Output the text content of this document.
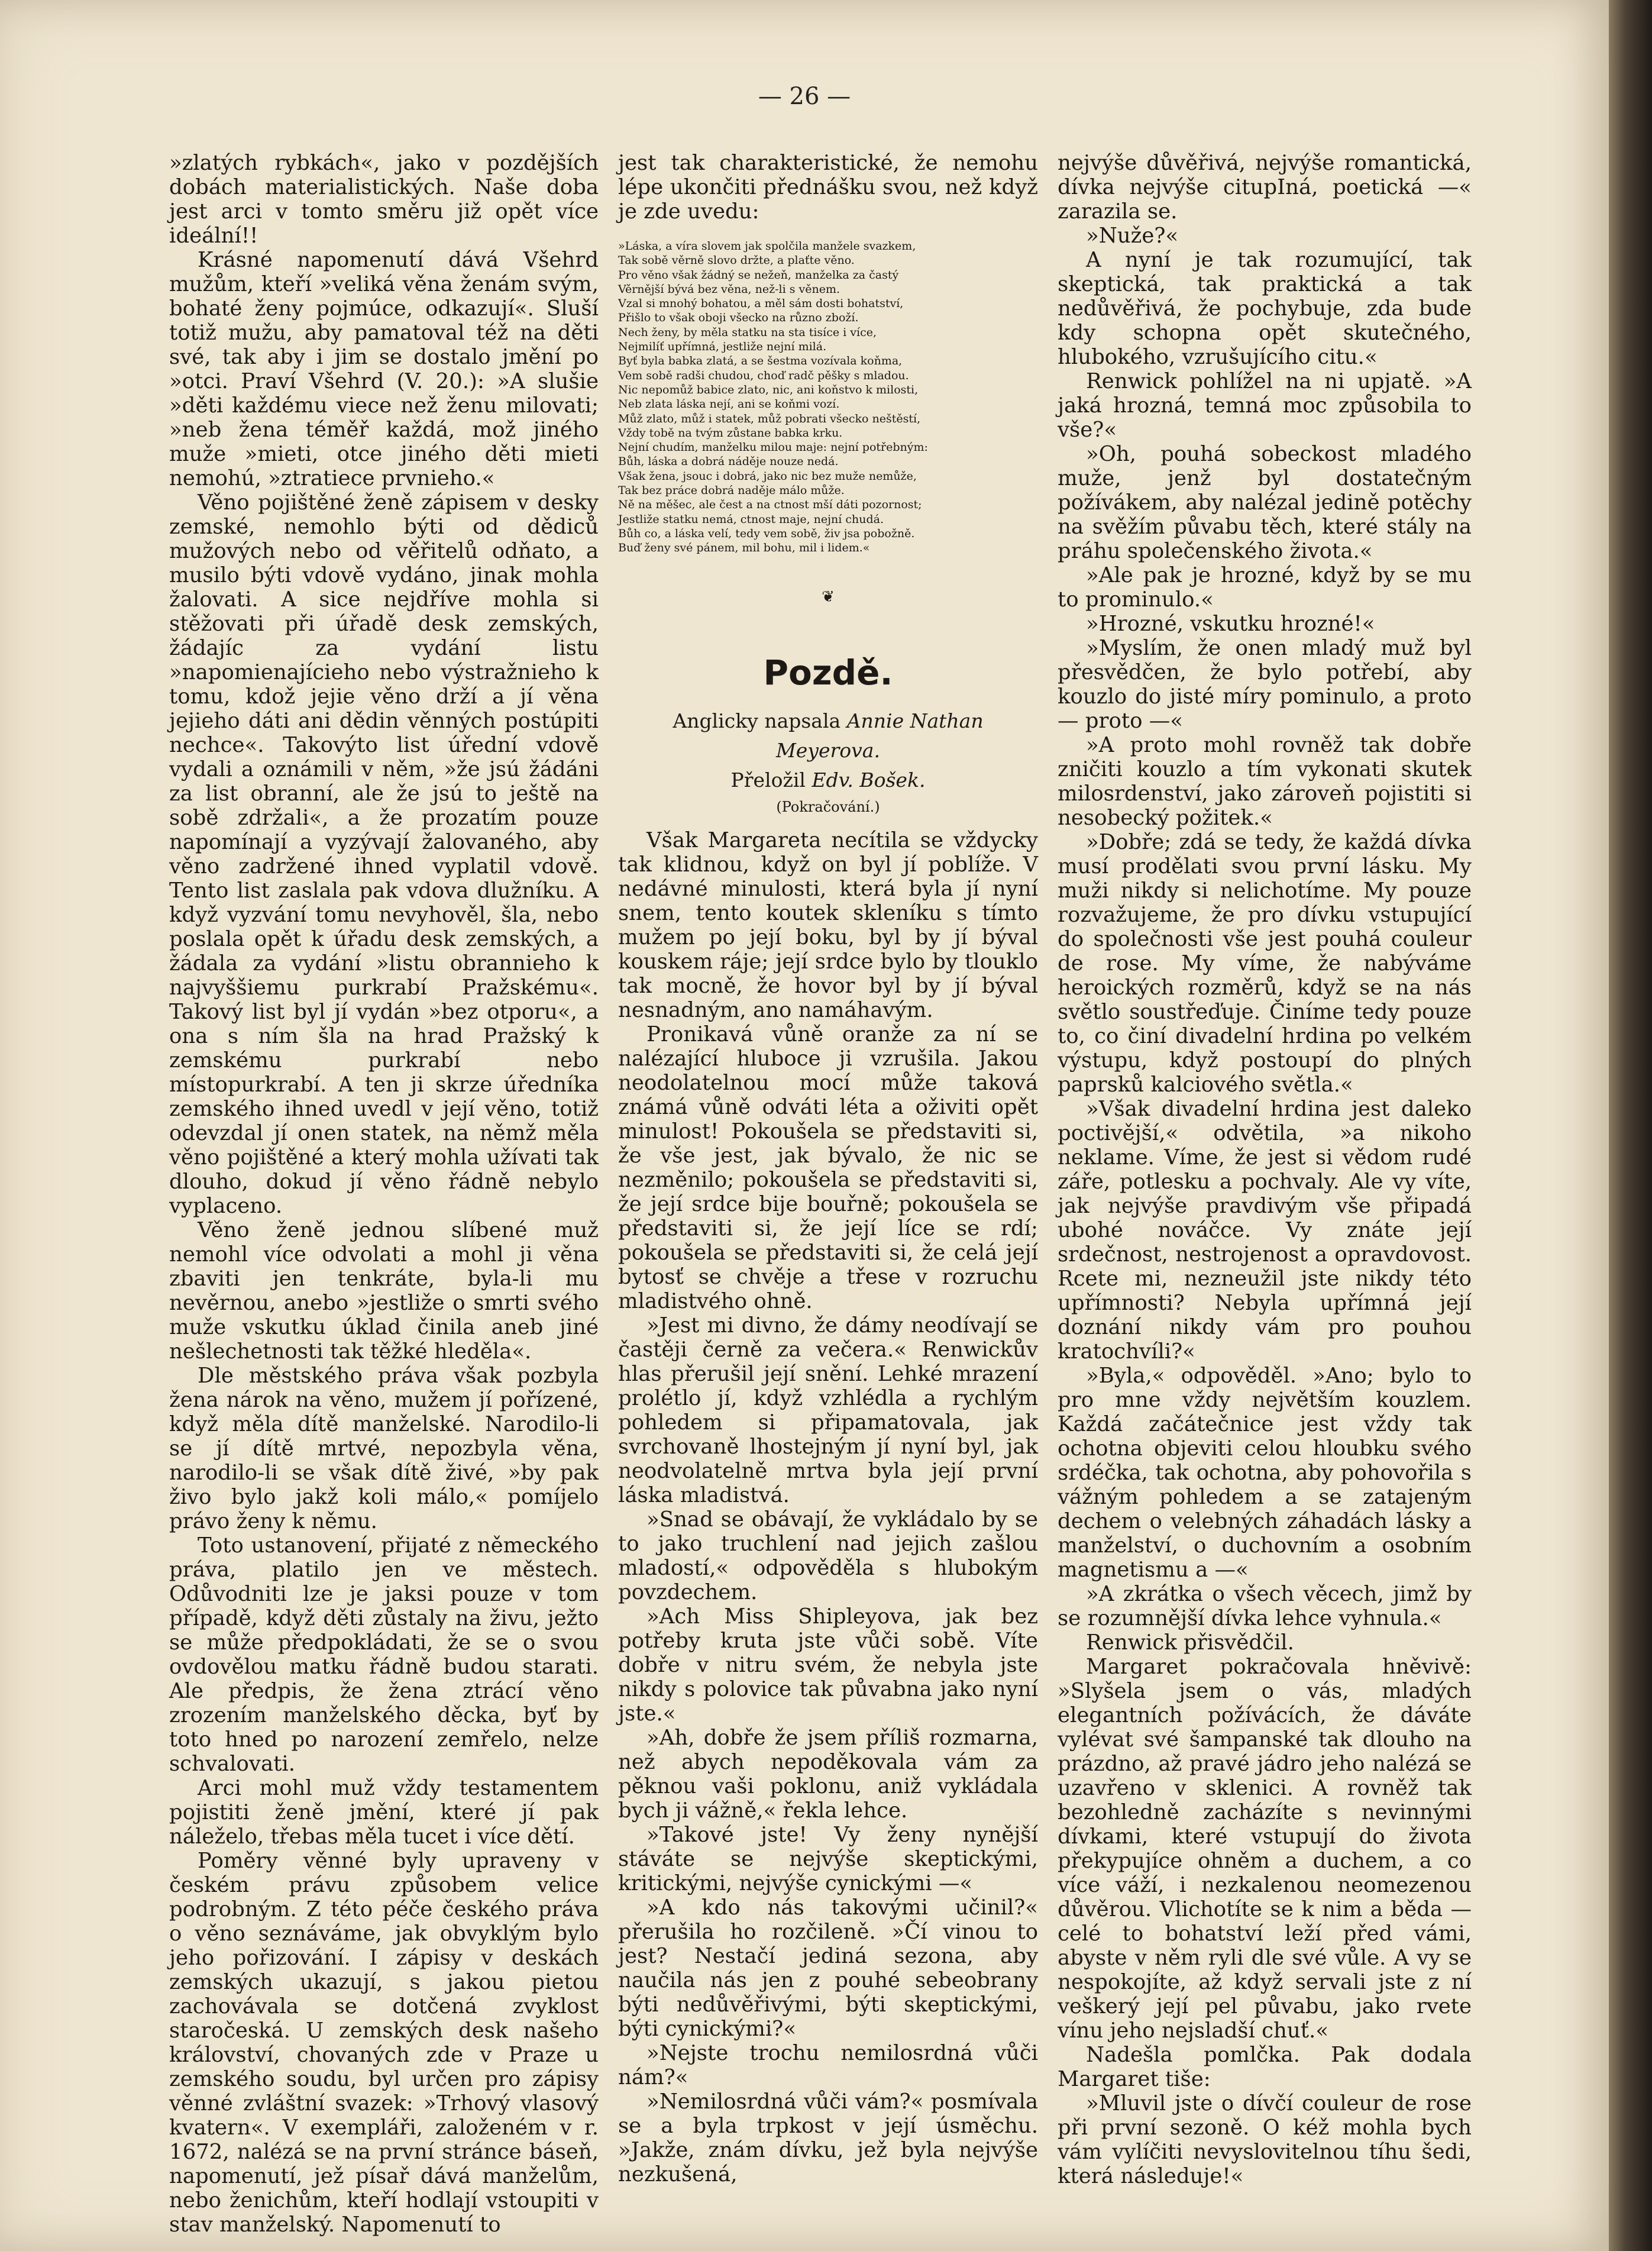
— 26 —

»zlatých rybkách«, jako v pozdějších dobách materialistických. Naše doba jest arci v tomto směru již opět více ideální!!

Krásné napomenutí dává Všehrd mužům, kteří »veliká věna ženám svým, bohaté ženy pojmúce, odkazují«. Sluší totiž mužu, aby pamatoval též na děti své, tak aby i jim se dostalo jmění po »otci. Praví Všehrd (V. 20.): »A slušie »děti každému viece než ženu milovati; »neb žena téměř každá, mož jiného muže »mieti, otce jiného děti mieti nemohú, »ztratiece prvnieho.«

Věno pojištěné ženě zápisem v desky zemské, nemohlo býti od dědiců mužových nebo od věřitelů odňato, a musilo býti vdově vydáno, jinak mohla žalovati. A sice nejdříve mohla si stěžovati při úřadě desk zemských, žádajíc za vydání listu »napomienajícieho nebo výstražnieho k tomu, kdož jejie věno drží a jí věna jejieho dáti ani dědin věnných postúpiti nechce«. Takovýto list úřední vdově vydali a oznámili v něm, »že jsú žádáni za list obranní, ale že jsú to ještě na sobě zdržali«, a že prozatím pouze napomínají a vyzývají žalovaného, aby věno zadržené ihned vyplatil vdově. Tento list zaslala pak vdova dlužníku. A když vyzvání tomu nevyhověl, šla, nebo poslala opět k úřadu desk zemských, a žádala za vydání »listu obrannieho k najvyššiemu purkrabí Pražskému«. Takový list byl jí vydán »bez otporu«, a ona s ním šla na hrad Pražský k zemskému purkrabí nebo místopurkrabí. A ten ji skrze úředníka zemského ihned uvedl v její věno, totiž odevzdal jí onen statek, na němž měla věno pojištěné a který mohla užívati tak dlouho, dokud jí věno řádně nebylo vyplaceno.

Věno ženě jednou slíbené muž nemohl více odvolati a mohl ji věna zbaviti jen tenkráte, byla-li mu nevěrnou, anebo »jestliže o smrti svého muže vskutku úklad činila aneb jiné nešlechetnosti tak těžké hleděla«.

Dle městského práva však pozbyla žena nárok na věno, mužem jí pořízené, když měla dítě manželské. Narodilo-li se jí dítě mrtvé, nepozbyla věna, narodilo-li se však dítě živé, »by pak živo bylo jakž koli málo,« pomíjelo právo ženy k němu.

Toto ustanovení, přijaté z německého práva, platilo jen ve městech. Odůvodniti lze je jaksi pouze v tom případě, když děti zůstaly na živu, ježto se může předpokládati, že se o svou ovdovělou matku řádně budou starati. Ale předpis, že žena ztrácí věno zrozením manželského děcka, byť by toto hned po narození zemřelo, nelze schvalovati.

Arci mohl muž vždy testamentem pojistiti ženě jmění, které jí pak náleželo, třebas měla tucet i více dětí.

Poměry věnné byly upraveny v českém právu způsobem velice podrobným. Z této péče českého práva o věno seznáváme, jak obvyklým bylo jeho pořizování. I zápisy v deskách zemských ukazují, s jakou pietou zachovávala se dotčená zvyklost staročeská. U zemských desk našeho království, chovaných zde v Praze u zemského soudu, byl určen pro zápisy věnné zvláštní svazek: »Trhový vlasový kvatern«. V exempláři, založeném v r. 1672, nalézá se na první stránce báseň, napomenutí, jež písař dává manželům, nebo ženichům, kteří hodlají vstoupiti v stav manželský. Napomenutí to

jest tak charakteristické, že nemohu lépe ukončiti přednášku svou, než když je zde uvedu:

»Láska, a víra slovem jak spolčila manžele svazkem,
Tak sobě věrně slovo držte, a plaťte věno.
Pro věno však žádný se nežeň, manželka za častý
Věrnější bývá bez věna, než-li s věnem.
Vzal si mnohý bohatou, a měl sám dosti bohatství,
Přišlo to však oboji všecko na různo zboží.
Nech ženy, by měla statku na sta tisíce i více,
Nejmilíť upřímná, jestliže nejní milá.
Byť byla babka zlatá, a se šestma vozívala koňma,
Vem sobě radši chudou, choď radč pěšky s mladou.
Nic nepomůž babice zlato, nic, ani koňstvo k milosti,
Neb zlata láska nejí, ani se koňmi vozí.
Můž zlato, můž i statek, můž pobrati všecko neštěstí,
Vždy tobě na tvým zůstane babka krku.
Nejní chudím, manželku milou maje: nejní potřebným:
Bůh, láska a dobrá náděje nouze nedá.
Však žena, jsouc i dobrá, jako nic bez muže nemůže,
Tak bez práce dobrá naděje málo může.
Ně na měšec, ale čest a na ctnost mší dáti pozornost;
Jestliže statku nemá, ctnost maje, nejní chudá.
Bůh co, a láska velí, tedy vem sobě, živ jsa pobožně.
Buď ženy své pánem, mil bohu, mil i lidem.«
❦
Pozdě.
Anglicky napsala Annie Nathan Meyerova.
Přeložil Edv. Bošek.
(Pokračování.)

Však Margareta necítila se vždycky tak klidnou, když on byl jí poblíže. V nedávné minulosti, která byla jí nyní snem, tento koutek skleníku s tímto mužem po její boku, byl by jí býval kouskem ráje; její srdce bylo by tlouklo tak mocně, že hovor byl by jí býval nesnadným, ano namáhavým.

Pronikavá vůně oranže za ní se nalézající hluboce ji vzrušila. Jakou neodolatelnou mocí může taková známá vůně odváti léta a oživiti opět minulost! Pokoušela se představiti si, že vše jest, jak bývalo, že nic se nezměnilo; pokoušela se představiti si, že její srdce bije bouřně; pokoušela se představiti si, že její líce se rdí; pokoušela se představiti si, že celá její bytosť se chvěje a třese v rozruchu mladistvého ohně.

»Jest mi divno, že dámy neodívají se častěji černě za večera.« Renwickův hlas přerušil její snění. Lehké mrazení prolétlo jí, když vzhlédla a rychlým pohledem si připamatovala, jak svrchovaně lhostejným jí nyní byl, jak neodvolatelně mrtva byla její první láska mladistvá.

»Snad se obávají, že vykládalo by se to jako truchlení nad jejich zašlou mladostí,« odpověděla s hlubokým povzdechem.

»Ach Miss Shipleyova, jak bez potřeby kruta jste vůči sobě. Víte dobře v nitru svém, že nebyla jste nikdy s polovice tak půvabna jako nyní jste.«

»Ah, dobře že jsem příliš rozmarna, než abych nepoděkovala vám za pěknou vaši poklonu, aniž vykládala bych ji vážně,« řekla lehce.

»Takové jste! Vy ženy nynější stáváte se nejvýše skeptickými, kritickými, nejvýše cynickými —«

»A kdo nás takovými učinil?« přerušila ho rozčileně. »Čí vinou to jest? Nestačí jediná sezona, aby naučila nás jen z pouhé sebeobrany býti nedůvěřivými, býti skeptickými, býti cynickými?«

»Nejste trochu nemilosrdná vůči nám?«

»Nemilosrdná vůči vám?« posmívala se a byla trpkost v její úsměchu. »Jakže, znám dívku, jež byla nejvýše nezkušená,

nejvýše důvěřivá, nejvýše romantická, dívka nejvýše citupIná, poetická —« zarazila se.

»Nuže?«

A nyní je tak rozumující, tak skeptická, tak praktická a tak nedůvěřivá, že pochybuje, zda bude kdy schopna opět skutečného, hlubokého, vzrušujícího citu.«

Renwick pohlížel na ni upjatě. »A jaká hrozná, temná moc způsobila to vše?«

»Oh, pouhá sobeckost mladého muže, jenž byl dostatečným požívákem, aby nalézal jedině potěchy na svěžím půvabu těch, které stály na práhu společenského života.«

»Ale pak je hrozné, když by se mu to prominulo.«

»Hrozné, vskutku hrozné!«

»Myslím, že onen mladý muž byl přesvědčen, že bylo potřebí, aby kouzlo do jisté míry pominulo, a proto — proto —«

»A proto mohl rovněž tak dobře zničiti kouzlo a tím vykonati skutek milosrdenství, jako zároveň pojistiti si nesobecký požitek.«

»Dobře; zdá se tedy, že každá dívka musí prodělati svou první lásku. My muži nikdy si nelichotíme. My pouze rozvažujeme, že pro dívku vstupující do společnosti vše jest pouhá couleur de rose. My víme, že nabýváme heroických rozměrů, když se na nás světlo soustřeďuje. Činíme tedy pouze to, co činí divadelní hrdina po velkém výstupu, když postoupí do plných paprsků kalciového světla.«

»Však divadelní hrdina jest daleko poctivější,« odvětila, »a nikoho neklame. Víme, že jest si vědom rudé záře, potlesku a pochvaly. Ale vy víte, jak nejvýše pravdivým vše připadá ubohé nováčce. Vy znáte její srdečnost, nestrojenost a opravdovost. Rcete mi, nezneužil jste nikdy této upřímnosti? Nebyla upřímná její doznání nikdy vám pro pouhou kratochvíli?«

»Byla,« odpověděl. »Ano; bylo to pro mne vždy největším kouzlem. Každá začátečnice jest vždy tak ochotna objeviti celou hloubku svého srdéčka, tak ochotna, aby pohovořila s vážným pohledem a se zatajeným dechem o velebných záhadách lásky a manželství, o duchovním a osobním magnetismu a —«

»A zkrátka o všech věcech, jimž by se rozumnější dívka lehce vyhnula.«

Renwick přisvědčil.

Margaret pokračovala hněvivě: »Slyšela jsem o vás, mladých elegantních požívácích, že dáváte vylévat své šampanské tak dlouho na prázdno, až pravé jádro jeho nalézá se uzavřeno v sklenici. A rovněž tak bezohledně zacházíte s nevinnými dívkami, které vstupují do života překypujíce ohněm a duchem, a co více váží, i nezkalenou neomezenou důvěrou. Vlichotíte se k nim a běda — celé to bohatství leží před vámi, abyste v něm ryli dle své vůle. A vy se nespokojíte, až když servali jste z ní veškerý její pel půvabu, jako rvete vínu jeho nejsladší chuť.«

Nadešla pomlčka. Pak dodala Margaret tiše:

»Mluvil jste o dívčí couleur de rose při první sezoně. O kéž mohla bych vám vylíčiti nevyslovitelnou tíhu šedi, která následuje!«
